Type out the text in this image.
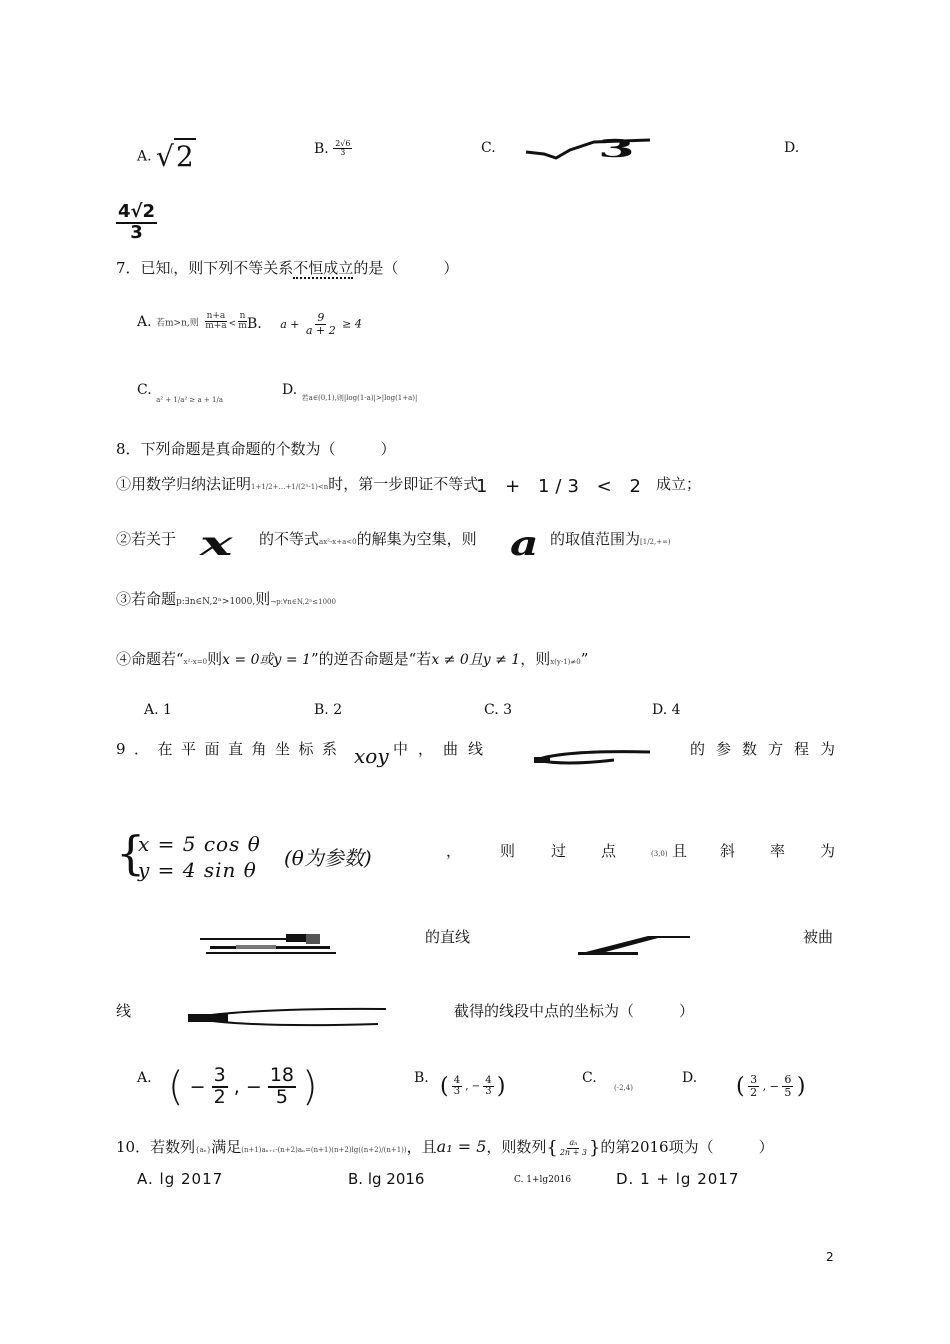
A. √2	B. $\frac{2√6}{3}$	C.	3	D.
$\frac{4√2}{3}$
7．已知(，则下列不等关系不恒成立的是（　　　）
A. 若m>n,则 $\frac{n+a}{m+a} < \frac{n}{m}$
B. $a + \frac{9}{a + 2} \ge 4$
C. $_{a^2 + 1/a^2 \ge a + 1/a}$
D. $_{若a\in(0,1),则|log(1-a)|>|log(1+a)|}$
8．下列命题是真命题的个数为（　　　）
①用数学归纳法证明1+1/2+…+1/(2ⁿ-1)<n时，第一步即证不等式
1 + 1/3 < 2 成立；
②若关于 x 的不等式ax²-x+a<0的解集为空集，则 a 的取值范围为[1/2,+∞)
③若命题p:∃n∈N,2ⁿ>1000,则¬p:∀n∈N,2ⁿ≤1000
④命题若“x²-x=0则x = 0或y = 1”的逆否命题是“若x ≠ 0且y ≠ 1，则x(y-1)≠0”
A. 1	B. 2	C. 3	D. 4
9．在平面直角坐标系 xoy 中，曲线	的参数方程为
{
x = 5 cos θ
y = 4 sin θ (θ为参数)	，	则 过 点	(3,0) 且 斜 率 为
的直线	被曲
线	截得的线段中点的坐标为（　　　）
A. ( − $\frac{3}{2}$ , − $\frac{18}{5}$ )	B. ( $\frac{4}{3}$ , − $\frac{4}{3}$ )	C.
(-2,4)
D. ( $\frac{3}{2}$ , − $\frac{6}{5}$ )
10．若数列{aₙ}满足(n+1)aₙ₊₁-(n+2)aₙ=(n+1)(n+2)lg((n+2)/(n+1))，且a₁ = 5，则数列{ $\frac{\text{aₙ}}{2n + 3}$ }的第2016项为（　　　）
A. lg 2017	B. lg 2016	C. 1+lg2016	D. 1 + lg 2017
2
